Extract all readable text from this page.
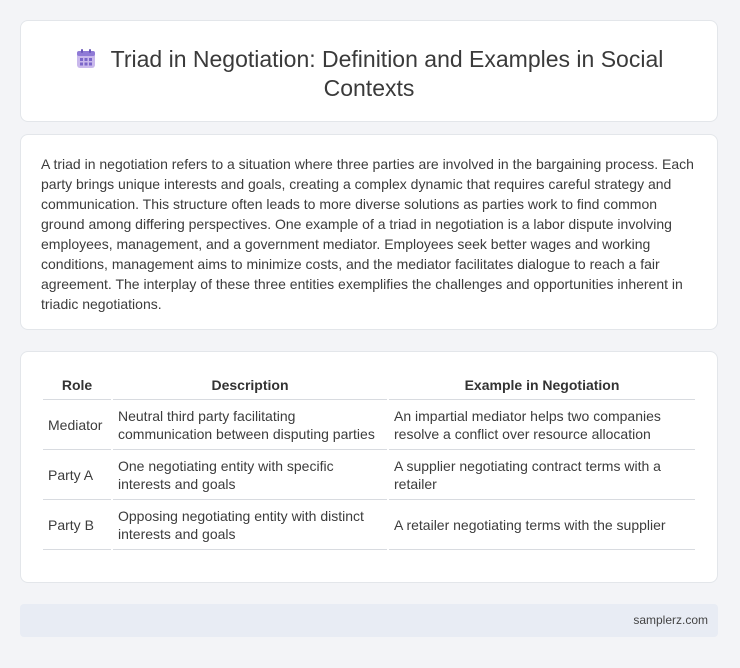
Triad in Negotiation: Definition and Examples in Social Contexts

A triad in negotiation refers to a situation where three parties are involved in the bargaining process. Each party brings unique interests and goals, creating a complex dynamic that requires careful strategy and communication. This structure often leads to more diverse solutions as parties work to find common ground among differing perspectives. One example of a triad in negotiation is a labor dispute involving employees, management, and a government mediator. Employees seek better wages and working conditions, management aims to minimize costs, and the mediator facilitates dialogue to reach a fair agreement. The interplay of these three entities exemplifies the challenges and opportunities inherent in triadic negotiations.

Role	Description	Example in Negotiation
Mediator	Neutral third party facilitating communication between disputing parties	An impartial mediator helps two companies resolve a conflict over resource allocation
Party A	One negotiating entity with specific interests and goals	A supplier negotiating contract terms with a retailer
Party B	Opposing negotiating entity with distinct interests and goals	A retailer negotiating terms with the supplier
samplerz.com
